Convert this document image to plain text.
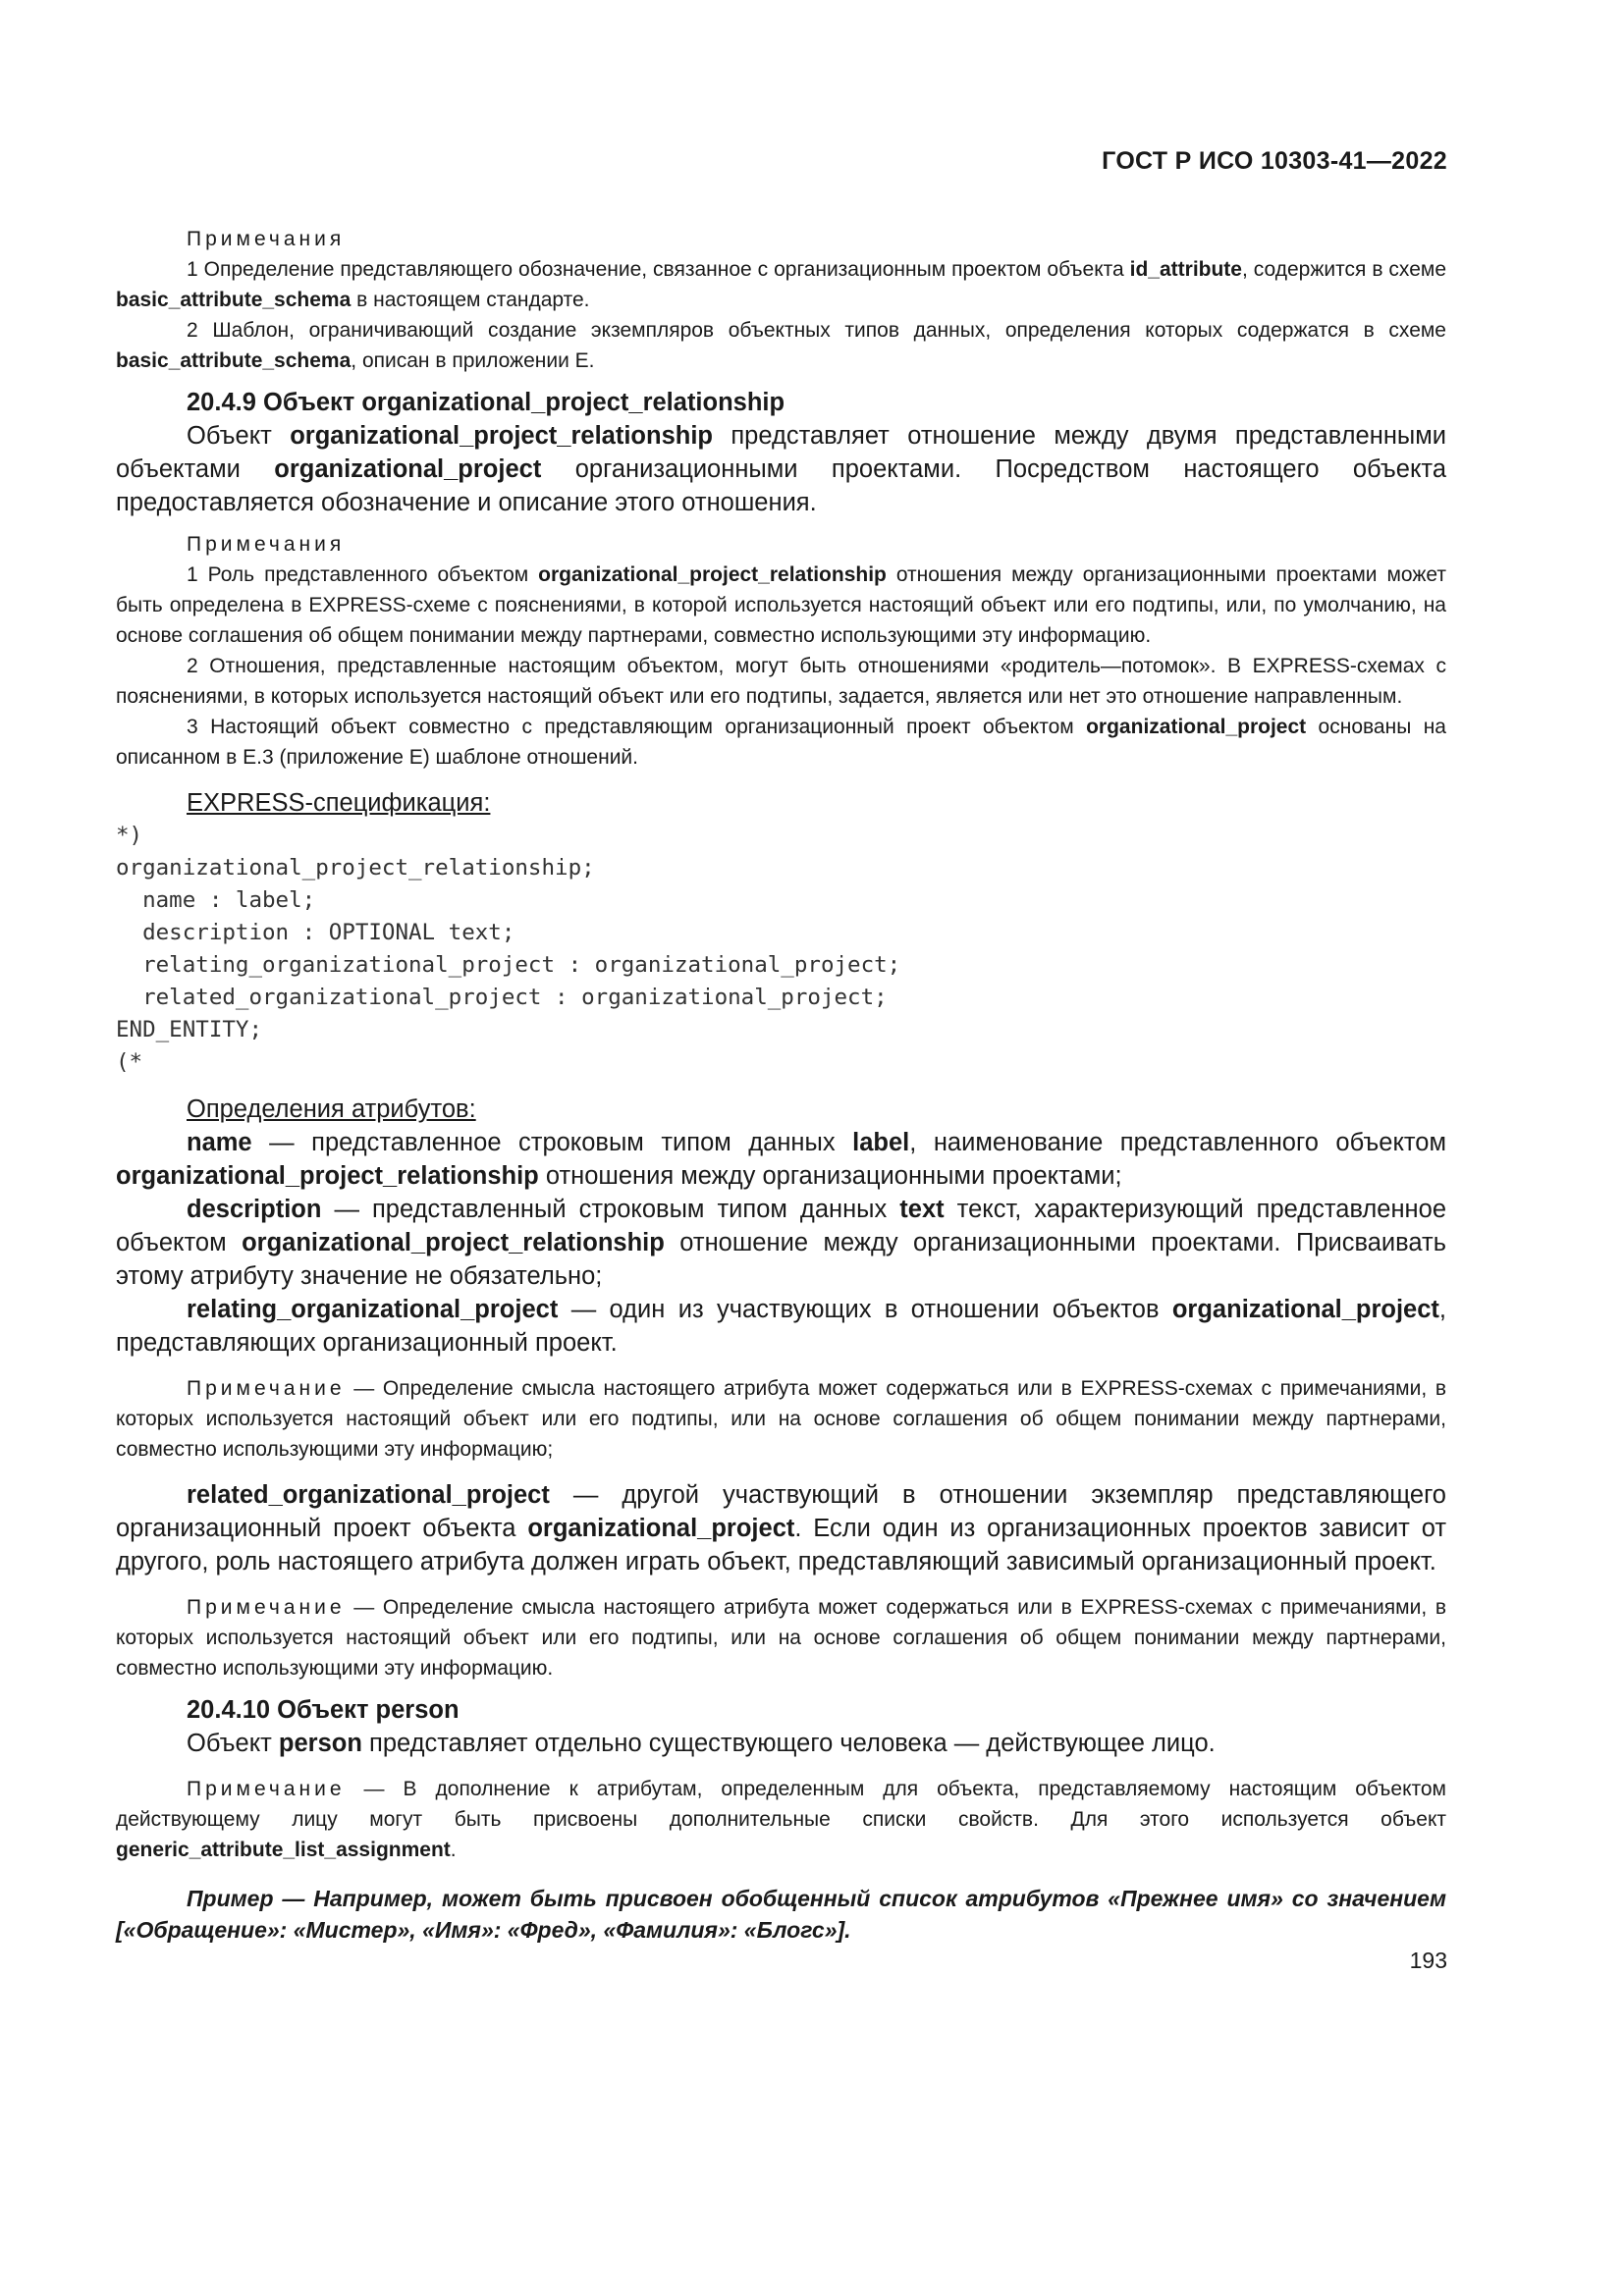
ГОСТ Р ИСО 10303-41—2022

Примечания

1 Определение представляющего обозначение, связанное с организационным проектом объекта id_attribute, содержится в схеме basic_attribute_schema в настоящем стандарте.

2 Шаблон, ограничивающий создание экземпляров объектных типов данных, определения которых содержатся в схеме basic_attribute_schema, описан в приложении E.

20.4.9 Объект organizational_project_relationship

Объект organizational_project_relationship представляет отношение между двумя представленными объектами organizational_project организационными проектами. Посредством настоящего объекта предоставляется обозначение и описание этого отношения.

Примечания

1 Роль представленного объектом organizational_project_relationship отношения между организационными проектами может быть определена в EXPRESS-схеме с пояснениями, в которой используется настоящий объект или его подтипы, или, по умолчанию, на основе соглашения об общем понимании между партнерами, совместно использующими эту информацию.

2 Отношения, представленные настоящим объектом, могут быть отношениями «родитель—потомок». В EXPRESS-схемах с пояснениями, в которых используется настоящий объект или его подтипы, задается, является или нет это отношение направленным.

3 Настоящий объект совместно с представляющим организационный проект объектом organizational_project основаны на описанном в E.3 (приложение E) шаблоне отношений.

EXPRESS-спецификация:

*)
organizational_project_relationship;
name : label;
description : OPTIONAL text;
relating_organizational_project : organizational_project;
related_organizational_project : organizational_project;
END_ENTITY;
(*

Определения атрибутов:

name — представленное строковым типом данных label, наименование представленного объектом organizational_project_relationship отношения между организационными проектами;

description — представленный строковым типом данных text текст, характеризующий представленное объектом organizational_project_relationship отношение между организационными проектами. Присваивать этому атрибуту значение не обязательно;

relating_organizational_project — один из участвующих в отношении объектов organizational_project, представляющих организационный проект.

Примечание — Определение смысла настоящего атрибута может содержаться или в EXPRESS-схемах с примечаниями, в которых используется настоящий объект или его подтипы, или на основе соглашения об общем понимании между партнерами, совместно использующими эту информацию;

related_organizational_project — другой участвующий в отношении экземпляр представляющего организационный проект объекта organizational_project. Если один из организационных проектов зависит от другого, роль настоящего атрибута должен играть объект, представляющий зависимый организационный проект.

Примечание — Определение смысла настоящего атрибута может содержаться или в EXPRESS-схемах с примечаниями, в которых используется настоящий объект или его подтипы, или на основе соглашения об общем понимании между партнерами, совместно использующими эту информацию.

20.4.10 Объект person

Объект person представляет отдельно существующего человека — действующее лицо.

Примечание — В дополнение к атрибутам, определенным для объекта, представляемому настоящим объектом действующему лицу могут быть присвоены дополнительные списки свойств. Для этого используется объект generic_attribute_list_assignment.

Пример — Например, может быть присвоен обобщенный список атрибутов «Прежнее имя» со значением [«Обращение»: «Мистер», «Имя»: «Фред», «Фамилия»: «Блогс»].

193
